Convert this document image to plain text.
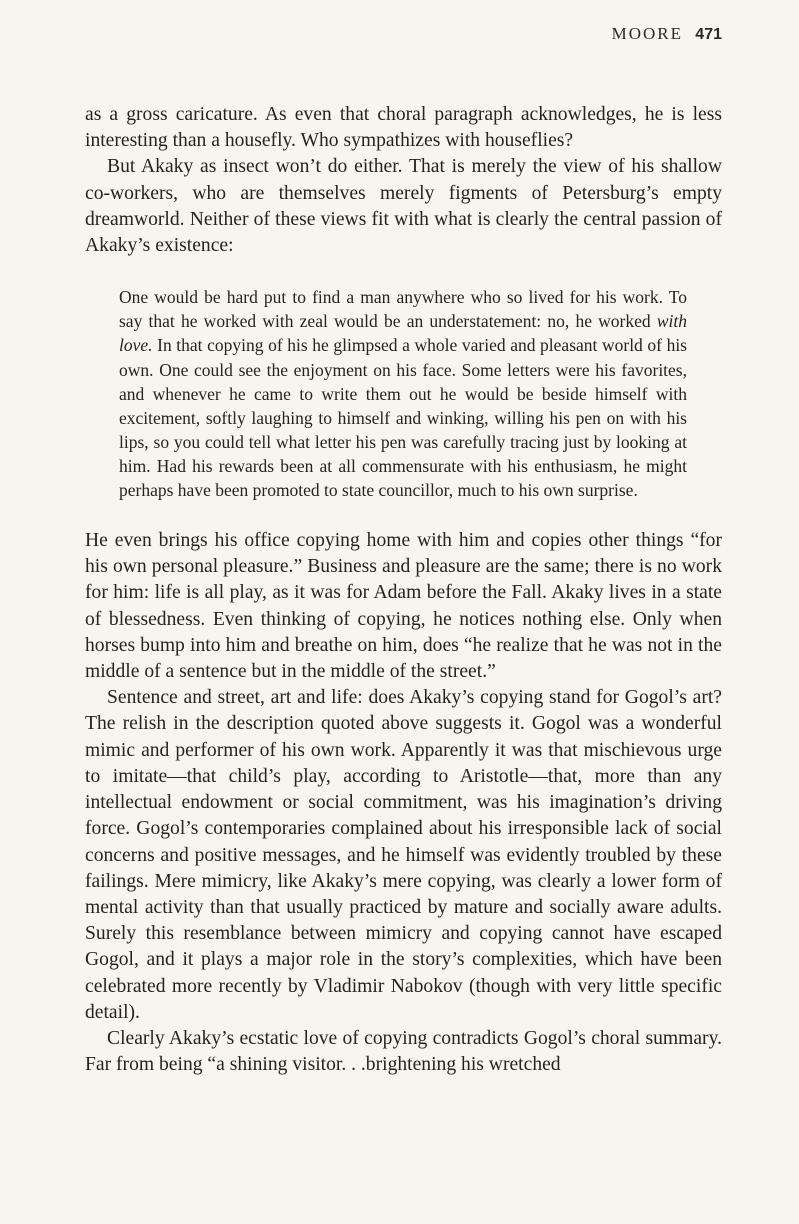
MOORE 471

as a gross caricature. As even that choral paragraph acknowledges, he is less interesting than a housefly. Who sympathizes with houseflies?

But Akaky as insect won’t do either. That is merely the view of his shallow co-workers, who are themselves merely figments of Petersburg’s empty dreamworld. Neither of these views fit with what is clearly the central passion of Akaky’s existence:

One would be hard put to find a man anywhere who so lived for his work. To say that he worked with zeal would be an understatement: no, he worked with love. In that copying of his he glimpsed a whole varied and pleasant world of his own. One could see the enjoyment on his face. Some letters were his favorites, and whenever he came to write them out he would be beside himself with excitement, softly laughing to himself and winking, willing his pen on with his lips, so you could tell what letter his pen was carefully tracing just by looking at him. Had his rewards been at all commensurate with his enthusiasm, he might perhaps have been promoted to state councillor, much to his own surprise.

He even brings his office copying home with him and copies other things “for his own personal pleasure.” Business and pleasure are the same; there is no work for him: life is all play, as it was for Adam before the Fall. Akaky lives in a state of blessedness. Even thinking of copying, he notices nothing else. Only when horses bump into him and breathe on him, does “he realize that he was not in the middle of a sentence but in the middle of the street.”

Sentence and street, art and life: does Akaky’s copying stand for Gogol’s art? The relish in the description quoted above suggests it. Gogol was a wonderful mimic and performer of his own work. Apparently it was that mischievous urge to imitate—that child’s play, according to Aristotle—that, more than any intellectual endowment or social commitment, was his imagination’s driving force. Gogol’s contemporaries complained about his irresponsible lack of social concerns and positive messages, and he himself was evidently troubled by these failings. Mere mimicry, like Akaky’s mere copying, was clearly a lower form of mental activity than that usually practiced by mature and socially aware adults. Surely this resemblance between mimicry and copying cannot have escaped Gogol, and it plays a major role in the story’s complexities, which have been celebrated more recently by Vladimir Nabokov (though with very little specific detail).

Clearly Akaky’s ecstatic love of copying contradicts Gogol’s choral summary. Far from being “a shining visitor. . .brightening his wretched
